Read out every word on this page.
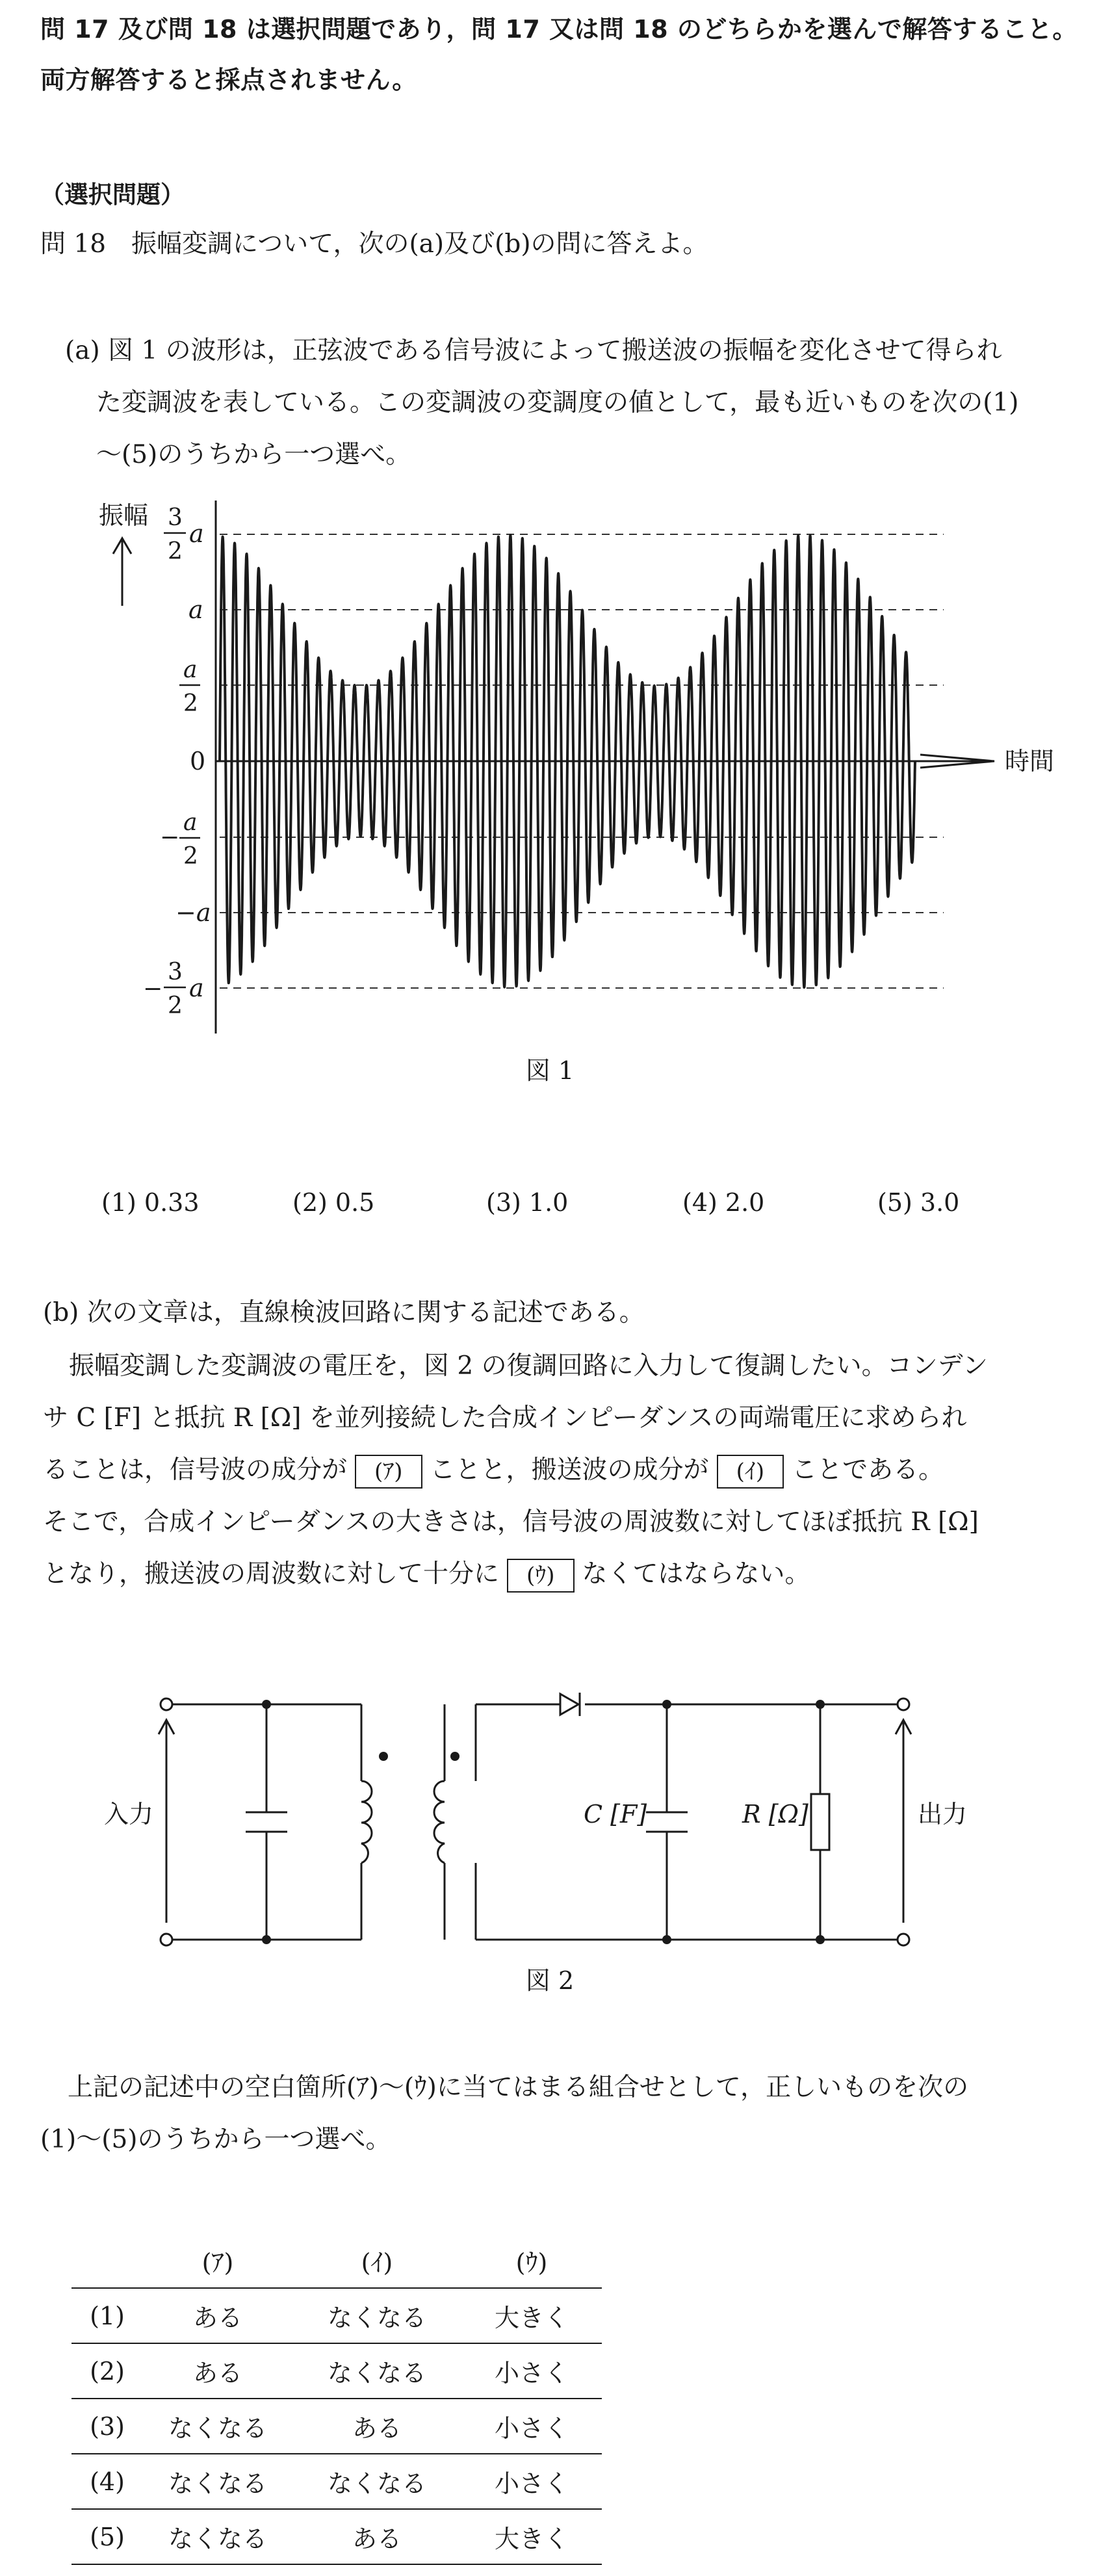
問 17 及び問 18 は選択問題であり，問 17 又は問 18 のどちらかを選んで解答すること。
両方解答すると採点されません。
（選択問題）
問 18　振幅変調について，次の(a)及び(b)の問に答えよ。
(a) 図 1 の波形は，正弦波である信号波によって搬送波の振幅を変化させて得られ
た変調波を表している。この変調波の変調度の値として，最も近いものを次の(1)
～(5)のうちから一つ選べ。
振幅
時間
3
2
a
a
a
2
0
−
a
2
−a
−
3
2
a
図 1
(1) 0.33	(2) 0.5	(3) 1.0	(4) 2.0	(5) 3.0
(b) 次の文章は，直線検波回路に関する記述である。
振幅変調した変調波の電圧を，図 2 の復調回路に入力して復調したい。コンデン
サ C [F] と抵抗 R [Ω] を並列接続した合成インピーダンスの両端電圧に求められ
ることは，信号波の成分が (ｱ) ことと，搬送波の成分が (ｲ) ことである。
そこで，合成インピーダンスの大きさは，信号波の周波数に対してほぼ抵抗 R [Ω]
となり，搬送波の周波数に対して十分に (ｳ) なくてはならない。
入力	出力
C [F]	R [Ω]
図 2
上記の記述中の空白箇所(ｱ)～(ｳ)に当てはまる組合せとして，正しいものを次の
(1)～(5)のうちから一つ選べ。
	(ｱ)	(ｲ)	(ｳ)
(1)	ある	なくなる	大きく
(2)	ある	なくなる	小さく
(3)	なくなる	ある	小さく
(4)	なくなる	なくなる	小さく
(5)	なくなる	ある	大きく
